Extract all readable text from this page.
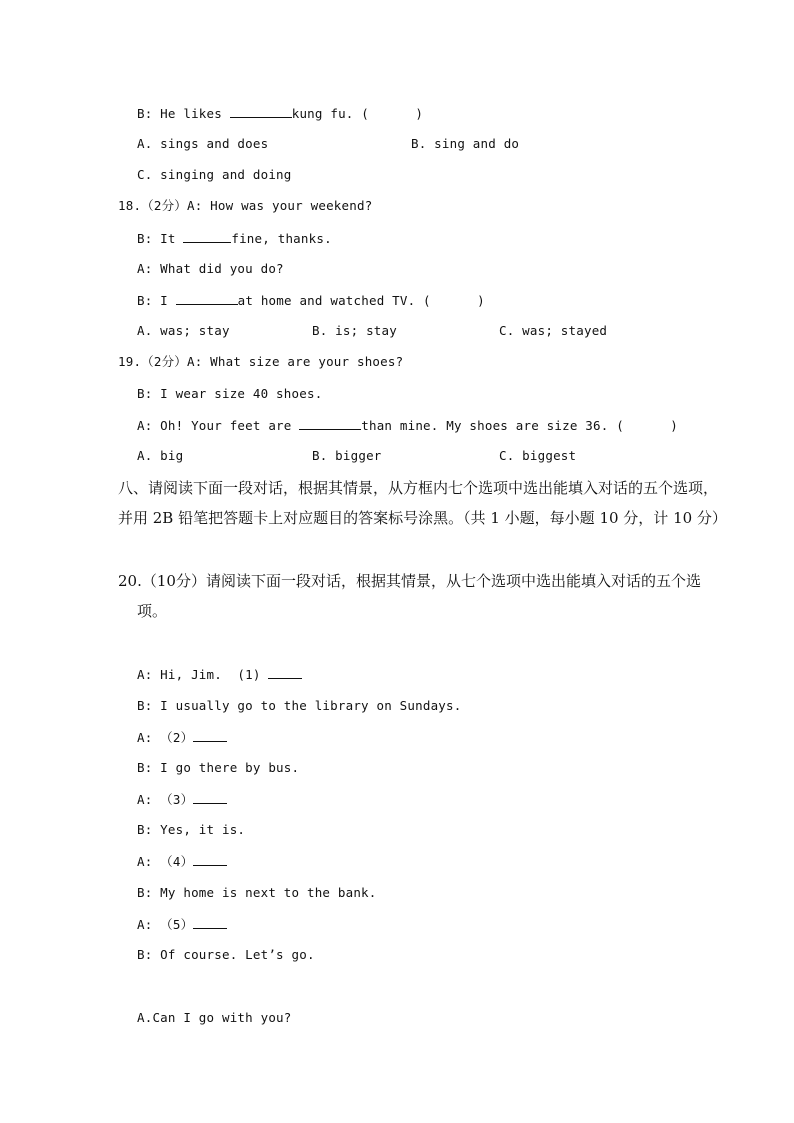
B: He likes	kung fu. (      )
A. sings and does	B. sing and do
C. singing and doing
18.（2分）A: How was your weekend?
B: It	fine, thanks.
A: What did you do?
B: I	at home and watched TV. (      )
A. was; stay	B. is; stay	C. was; stayed
19.（2分）A: What size are your shoes?
B: I wear size 40 shoes.
A: Oh! Your feet are	than mine. My shoes are size 36. (      )
A. big	B. bigger	C. biggest
八、请阅读下面一段对话，根据其情景，从方框内七个选项中选出能填入对话的五个选项，
并用 2B 铅笔把答题卡上对应题目的答案标号涂黑。（共 1 小题，每小题 10 分，计 10 分）
20.（10分）请阅读下面一段对话，根据其情景，从七个选项中选出能填入对话的五个选
项。
A: Hi, Jim.  (1)
B: I usually go to the library on Sundays.
A: （2）
B: I go there by bus.
A: （3）
B: Yes, it is.
A: （4）
B: My home is next to the bank.
A: （5）
B: Of course. Let’s go.
A.Can I go with you?
